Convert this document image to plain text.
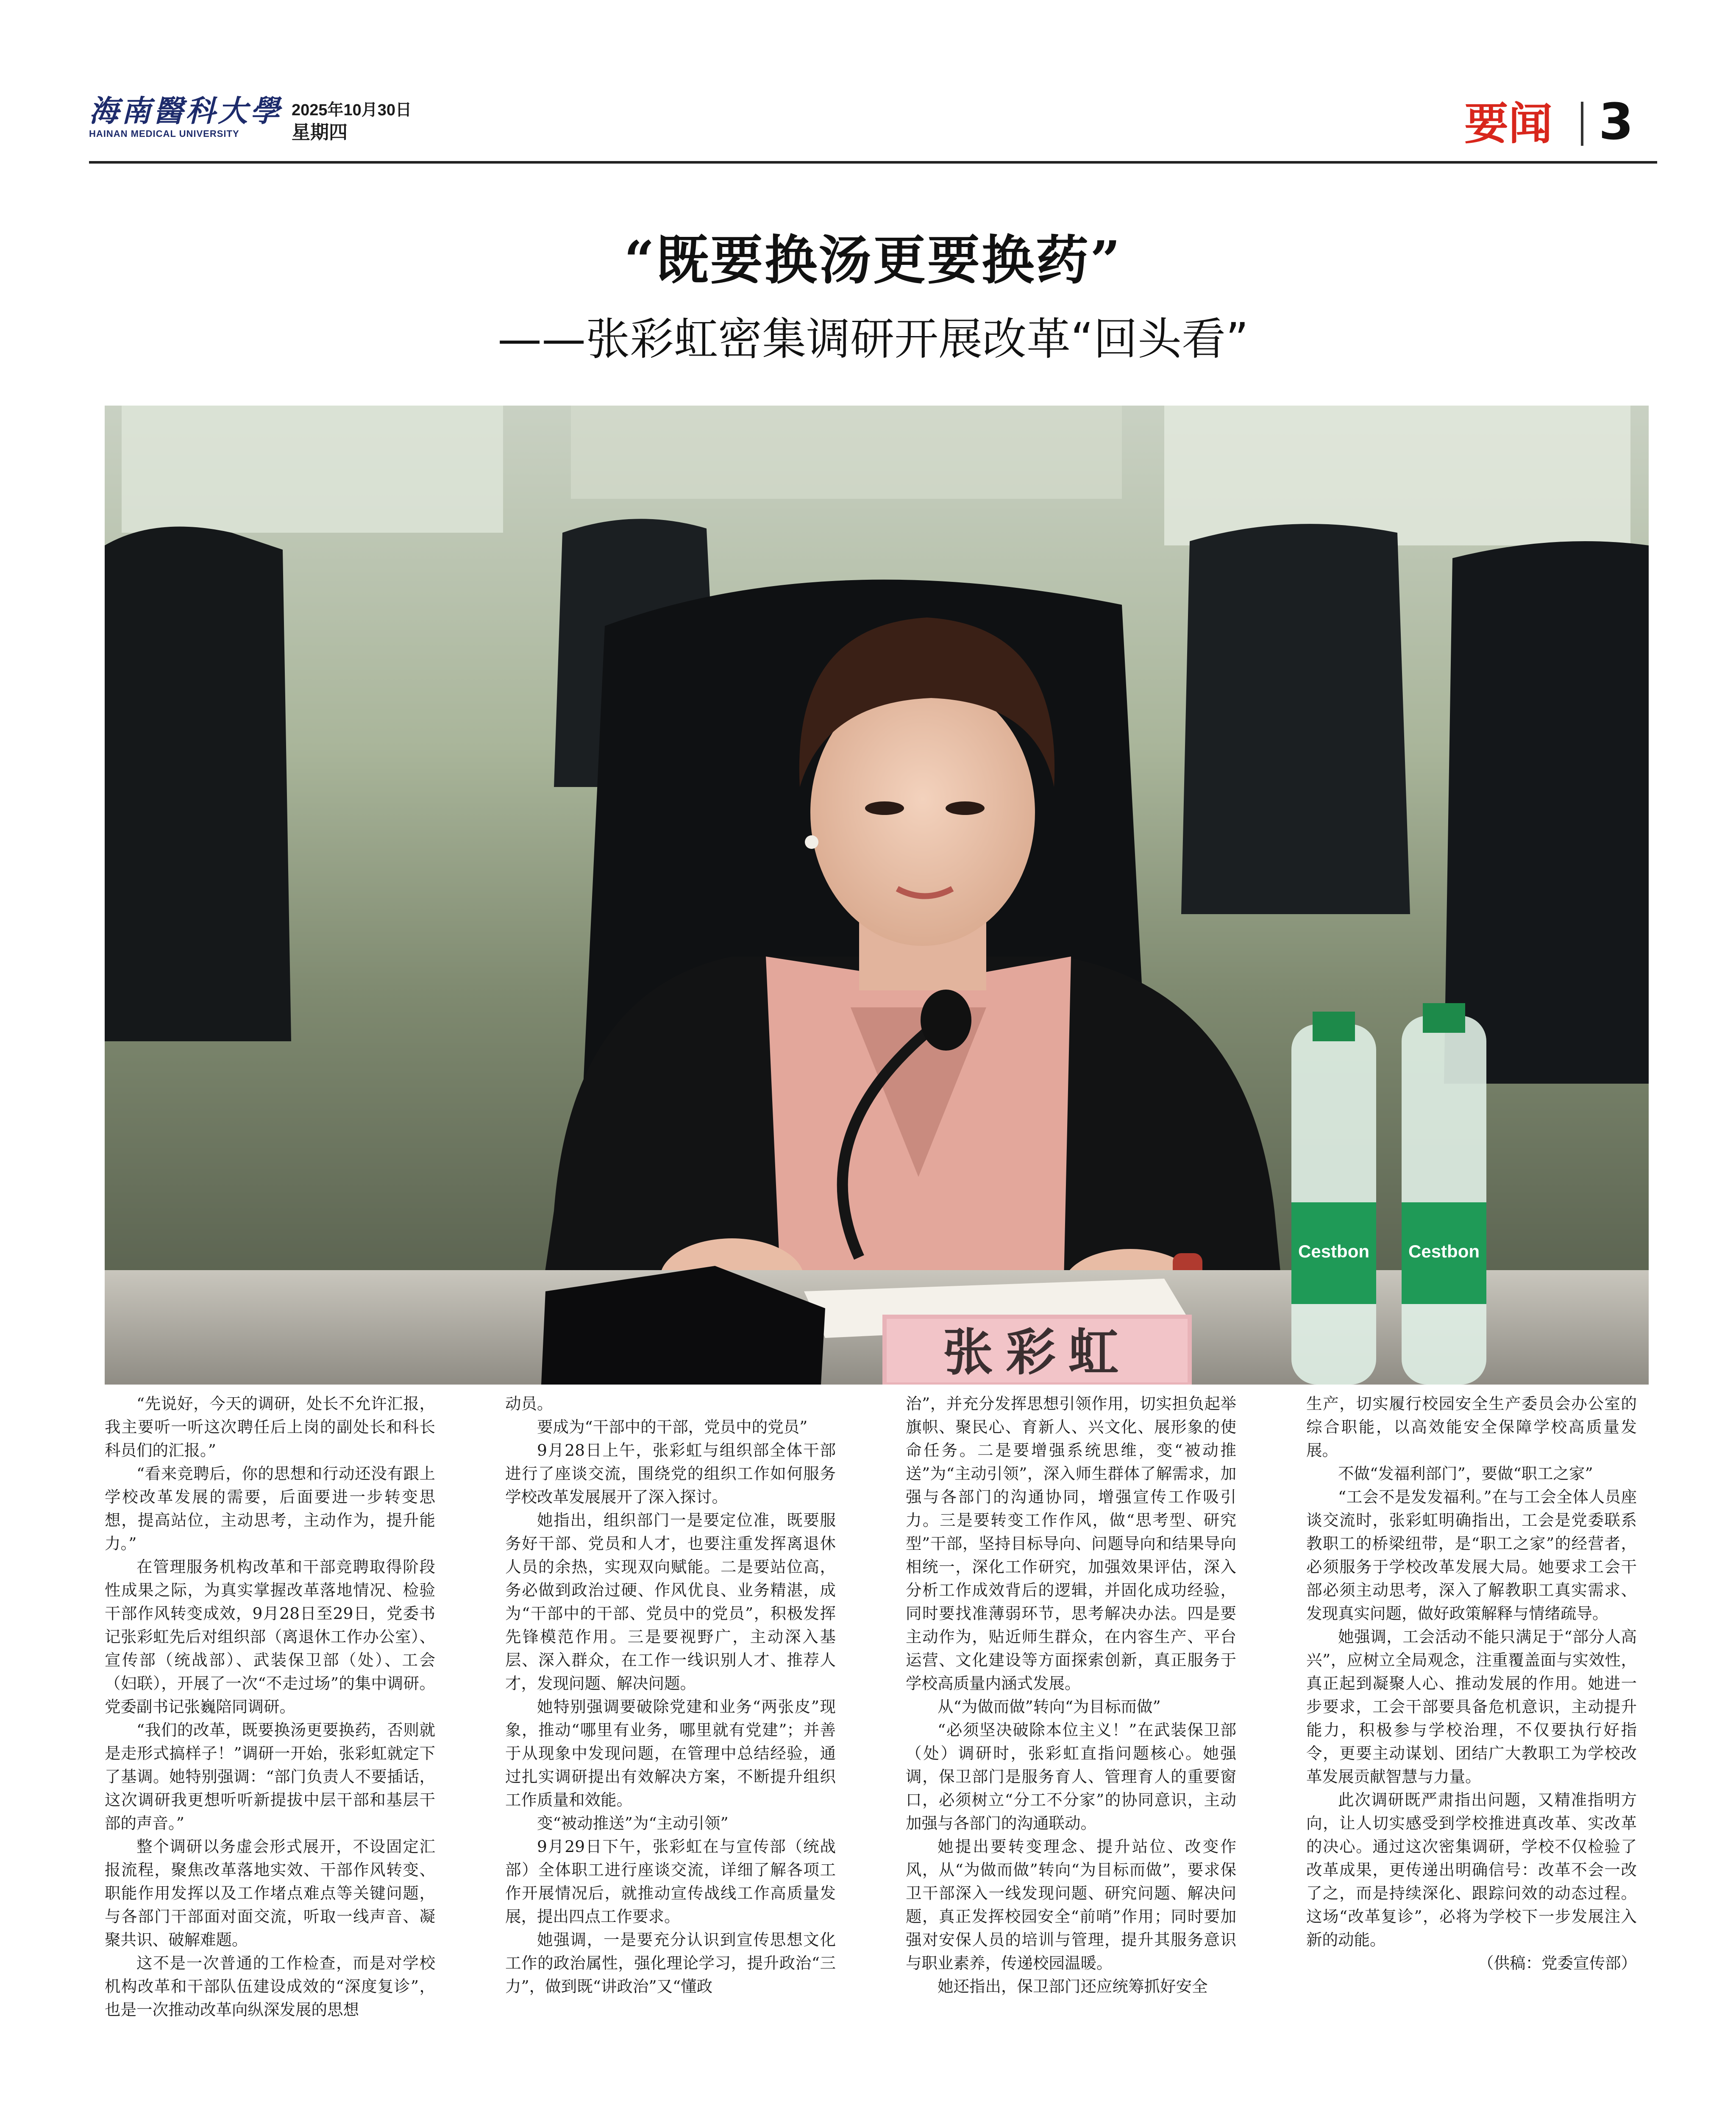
海南醫科大學
HAINAN MEDICAL UNIVERSITY
2025年10月30日
星期四	要闻 3
“既要换汤更要换药”
——张彩虹密集调研开展改革“回头看”
张彩虹
Cestbon Cestbon

“先说好，今天的调研，处长不允许汇报，我主要听一听这次聘任后上岗的副处长和科长科员们的汇报。”

“看来竞聘后，你的思想和行动还没有跟上学校改革发展的需要，后面要进一步转变思想，提高站位，主动思考，主动作为，提升能力。”

在管理服务机构改革和干部竞聘取得阶段性成果之际，为真实掌握改革落地情况、检验干部作风转变成效，9月28日至29日，党委书记张彩虹先后对组织部（离退休工作办公室）、宣传部（统战部）、武装保卫部（处）、工会（妇联），开展了一次“不走过场”的集中调研。党委副书记张巍陪同调研。

“我们的改革，既要换汤更要换药，否则就是走形式搞样子！”调研一开始，张彩虹就定下了基调。她特别强调：“部门负责人不要插话，这次调研我更想听听新提拔中层干部和基层干部的声音。”

整个调研以务虚会形式展开，不设固定汇报流程，聚焦改革落地实效、干部作风转变、职能作用发挥以及工作堵点难点等关键问题，与各部门干部面对面交流，听取一线声音、凝聚共识、破解难题。

这不是一次普通的工作检查，而是对学校机构改革和干部队伍建设成效的“深度复诊”，也是一次推动改革向纵深发展的思想

动员。

要成为“干部中的干部，党员中的党员”

9月28日上午，张彩虹与组织部全体干部进行了座谈交流，围绕党的组织工作如何服务学校改革发展展开了深入探讨。

她指出，组织部门一是要定位准，既要服务好干部、党员和人才，也要注重发挥离退休人员的余热，实现双向赋能。二是要站位高，务必做到政治过硬、作风优良、业务精湛，成为“干部中的干部、党员中的党员”，积极发挥先锋模范作用。三是要视野广，主动深入基层、深入群众，在工作一线识别人才、推荐人才，发现问题、解决问题。

她特别强调要破除党建和业务“两张皮”现象，推动“哪里有业务，哪里就有党建”；并善于从现象中发现问题，在管理中总结经验，通过扎实调研提出有效解决方案，不断提升组织工作质量和效能。

变“被动推送”为“主动引领”

9月29日下午，张彩虹在与宣传部（统战部）全体职工进行座谈交流，详细了解各项工作开展情况后，就推动宣传战线工作高质量发展，提出四点工作要求。

她强调，一是要充分认识到宣传思想文化工作的政治属性，强化理论学习，提升政治“三力”，做到既“讲政治”又“懂政

治”，并充分发挥思想引领作用，切实担负起举旗帜、聚民心、育新人、兴文化、展形象的使命任务。二是要增强系统思维，变“被动推送”为“主动引领”，深入师生群体了解需求，加强与各部门的沟通协同，增强宣传工作吸引力。三是要转变工作作风，做“思考型、研究型”干部，坚持目标导向、问题导向和结果导向相统一，深化工作研究，加强效果评估，深入分析工作成效背后的逻辑，并固化成功经验，同时要找准薄弱环节，思考解决办法。四是要主动作为，贴近师生群众，在内容生产、平台运营、文化建设等方面探索创新，真正服务于学校高质量内涵式发展。

从“为做而做”转向“为目标而做”

“必须坚决破除本位主义！”在武装保卫部（处）调研时，张彩虹直指问题核心。她强调，保卫部门是服务育人、管理育人的重要窗口，必须树立“分工不分家”的协同意识，主动加强与各部门的沟通联动。

她提出要转变理念、提升站位、改变作风，从“为做而做”转向“为目标而做”，要求保卫干部深入一线发现问题、研究问题、解决问题，真正发挥校园安全“前哨”作用；同时要加强对安保人员的培训与管理，提升其服务意识与职业素养，传递校园温暖。

她还指出，保卫部门还应统筹抓好安全

生产，切实履行校园安全生产委员会办公室的综合职能，以高效能安全保障学校高质量发展。

不做“发福利部门”，要做“职工之家”

“工会不是发发福利。”在与工会全体人员座谈交流时，张彩虹明确指出，工会是党委联系教职工的桥梁纽带，是“职工之家”的经营者，必须服务于学校改革发展大局。她要求工会干部必须主动思考，深入了解教职工真实需求、发现真实问题，做好政策解释与情绪疏导。

她强调，工会活动不能只满足于“部分人高兴”，应树立全局观念，注重覆盖面与实效性，真正起到凝聚人心、推动发展的作用。她进一步要求，工会干部要具备危机意识，主动提升能力，积极参与学校治理，不仅要执行好指令，更要主动谋划、团结广大教职工为学校改革发展贡献智慧与力量。

此次调研既严肃指出问题，又精准指明方向，让人切实感受到学校推进真改革、实改革的决心。通过这次密集调研，学校不仅检验了改革成果，更传递出明确信号：改革不会一改了之，而是持续深化、跟踪问效的动态过程。这场“改革复诊”，必将为学校下一步发展注入新的动能。

（供稿：党委宣传部）
